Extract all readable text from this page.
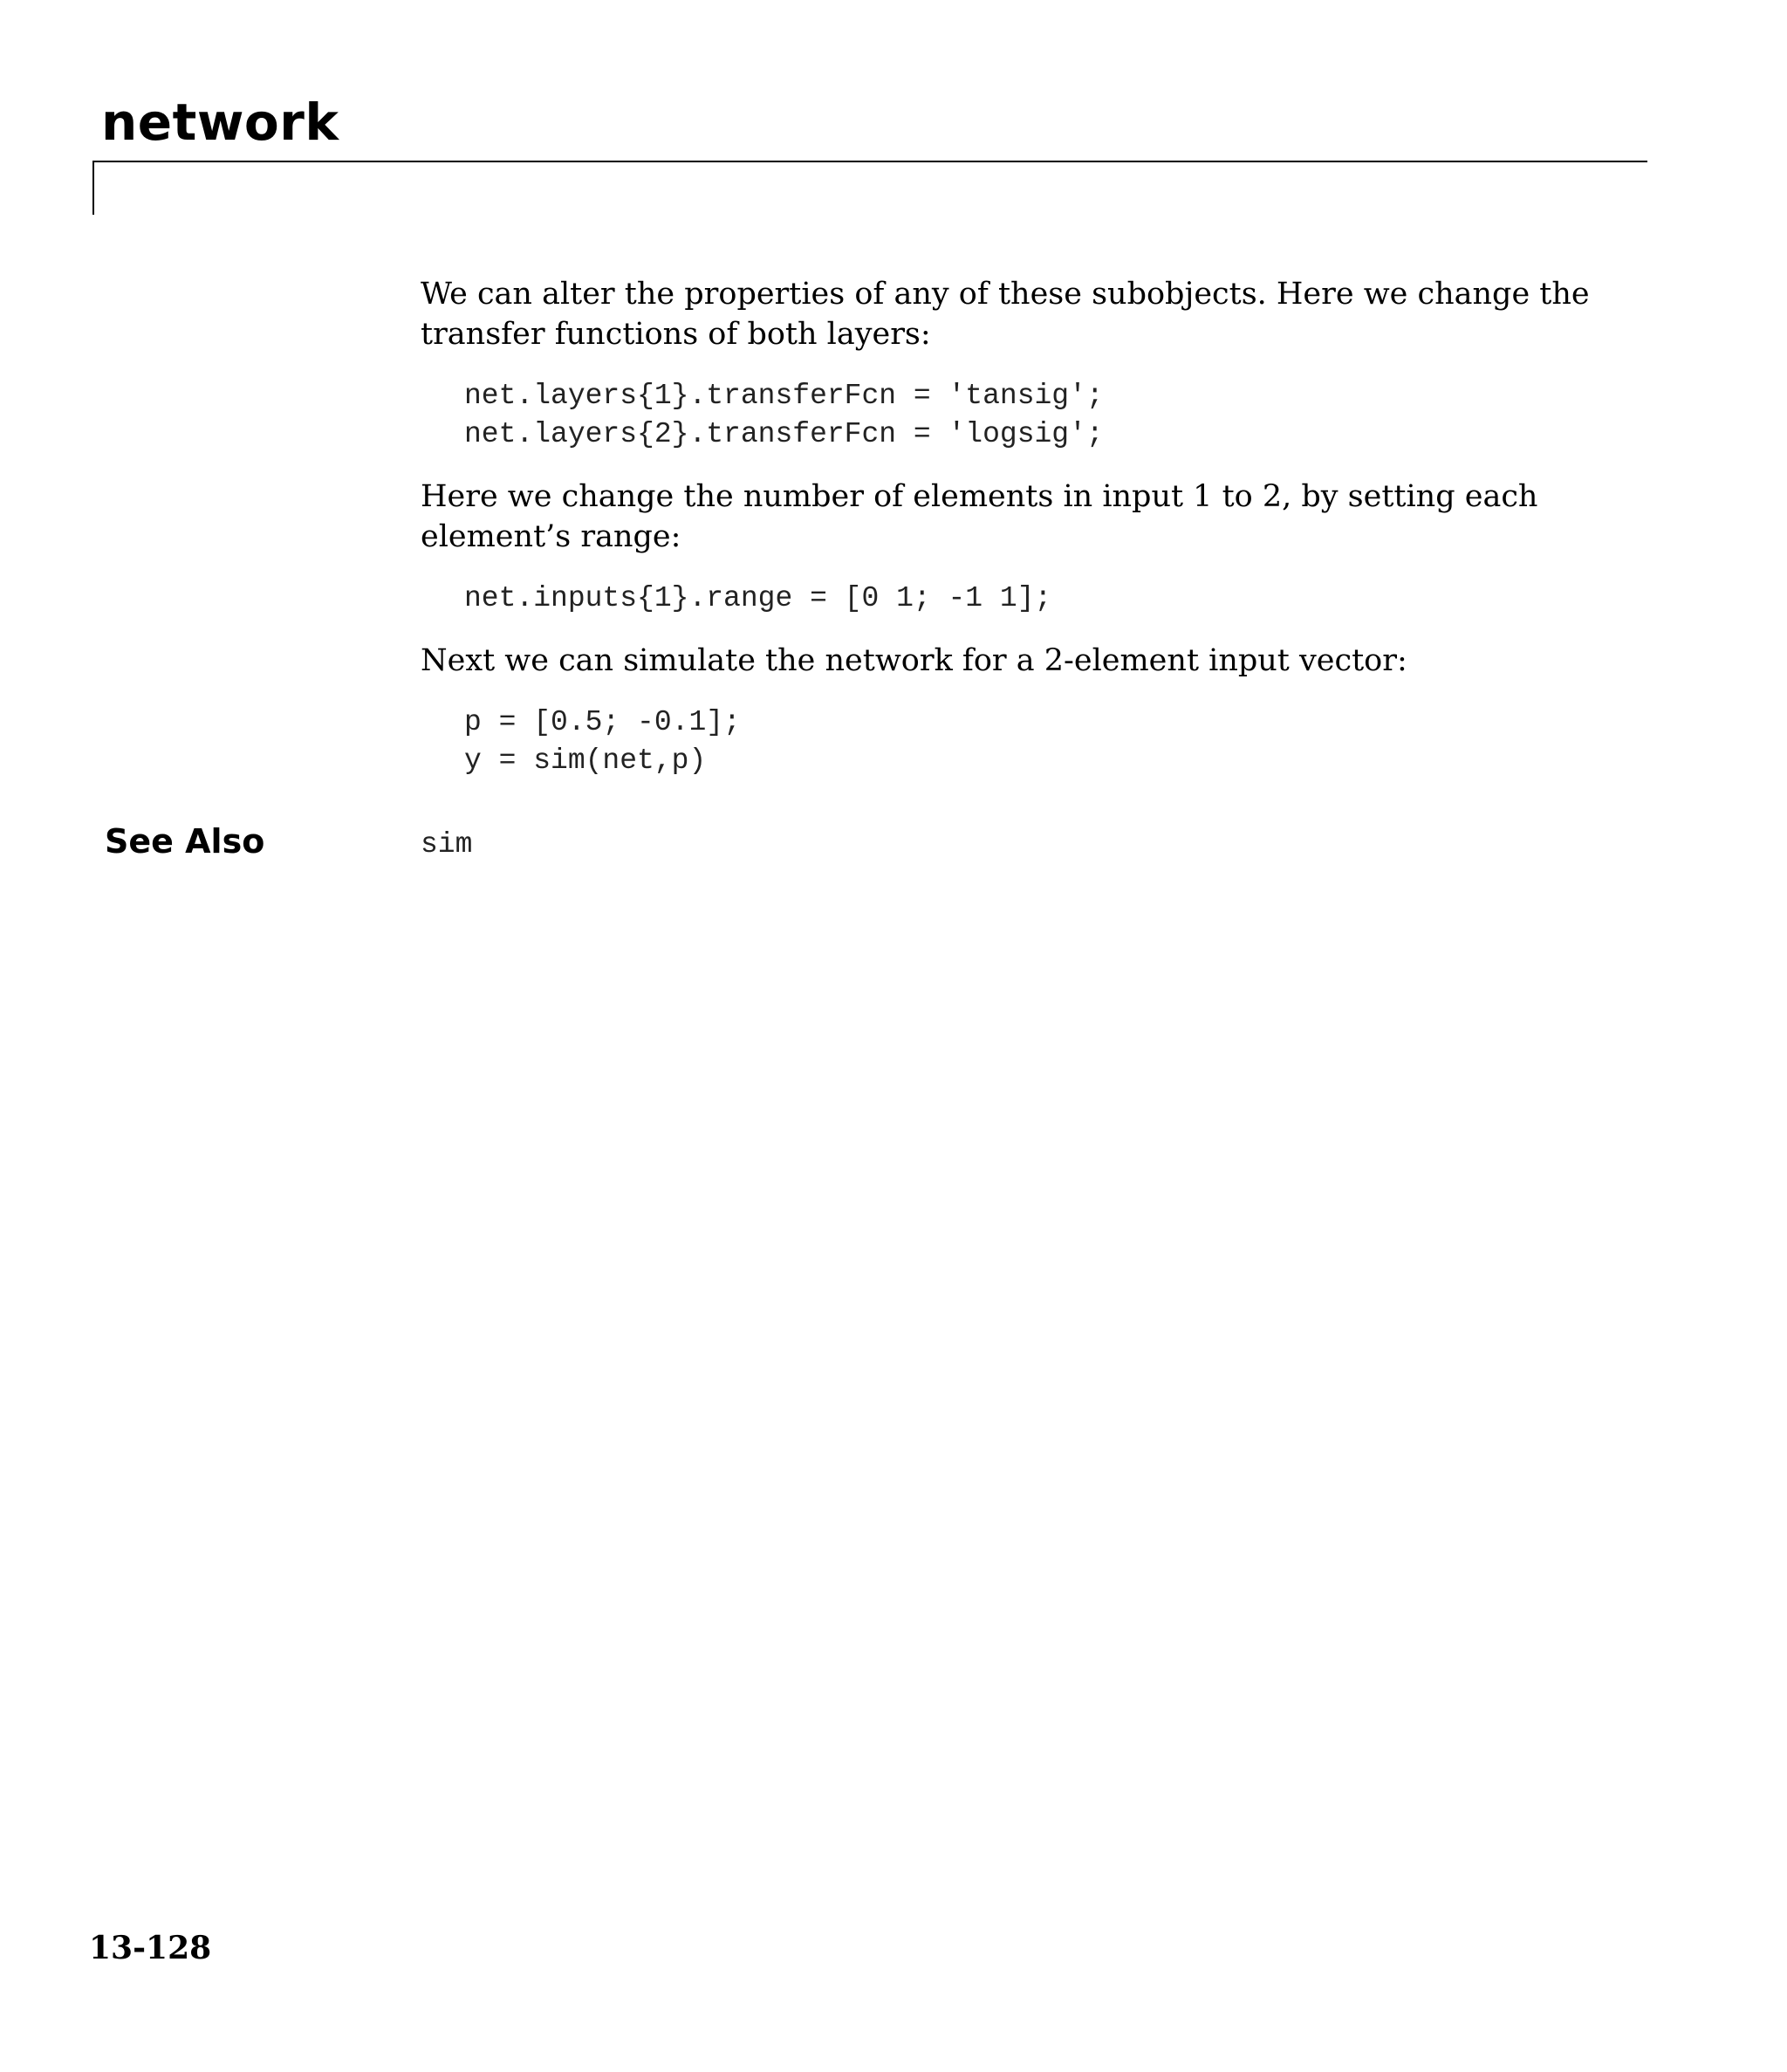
network

We can alter the properties of any of these subobjects. Here we change the

transfer functions of both layers:

net.layers{1}.transferFcn = 'tansig';
net.layers{2}.transferFcn = 'logsig';

Here we change the number of elements in input 1 to 2, by setting each

element’s range:

net.inputs{1}.range = [0 1; -1 1];

Next we can simulate the network for a 2-element input vector:

p = [0.5; -0.1];
y = sim(net,p)
See Also	sim
13-128
